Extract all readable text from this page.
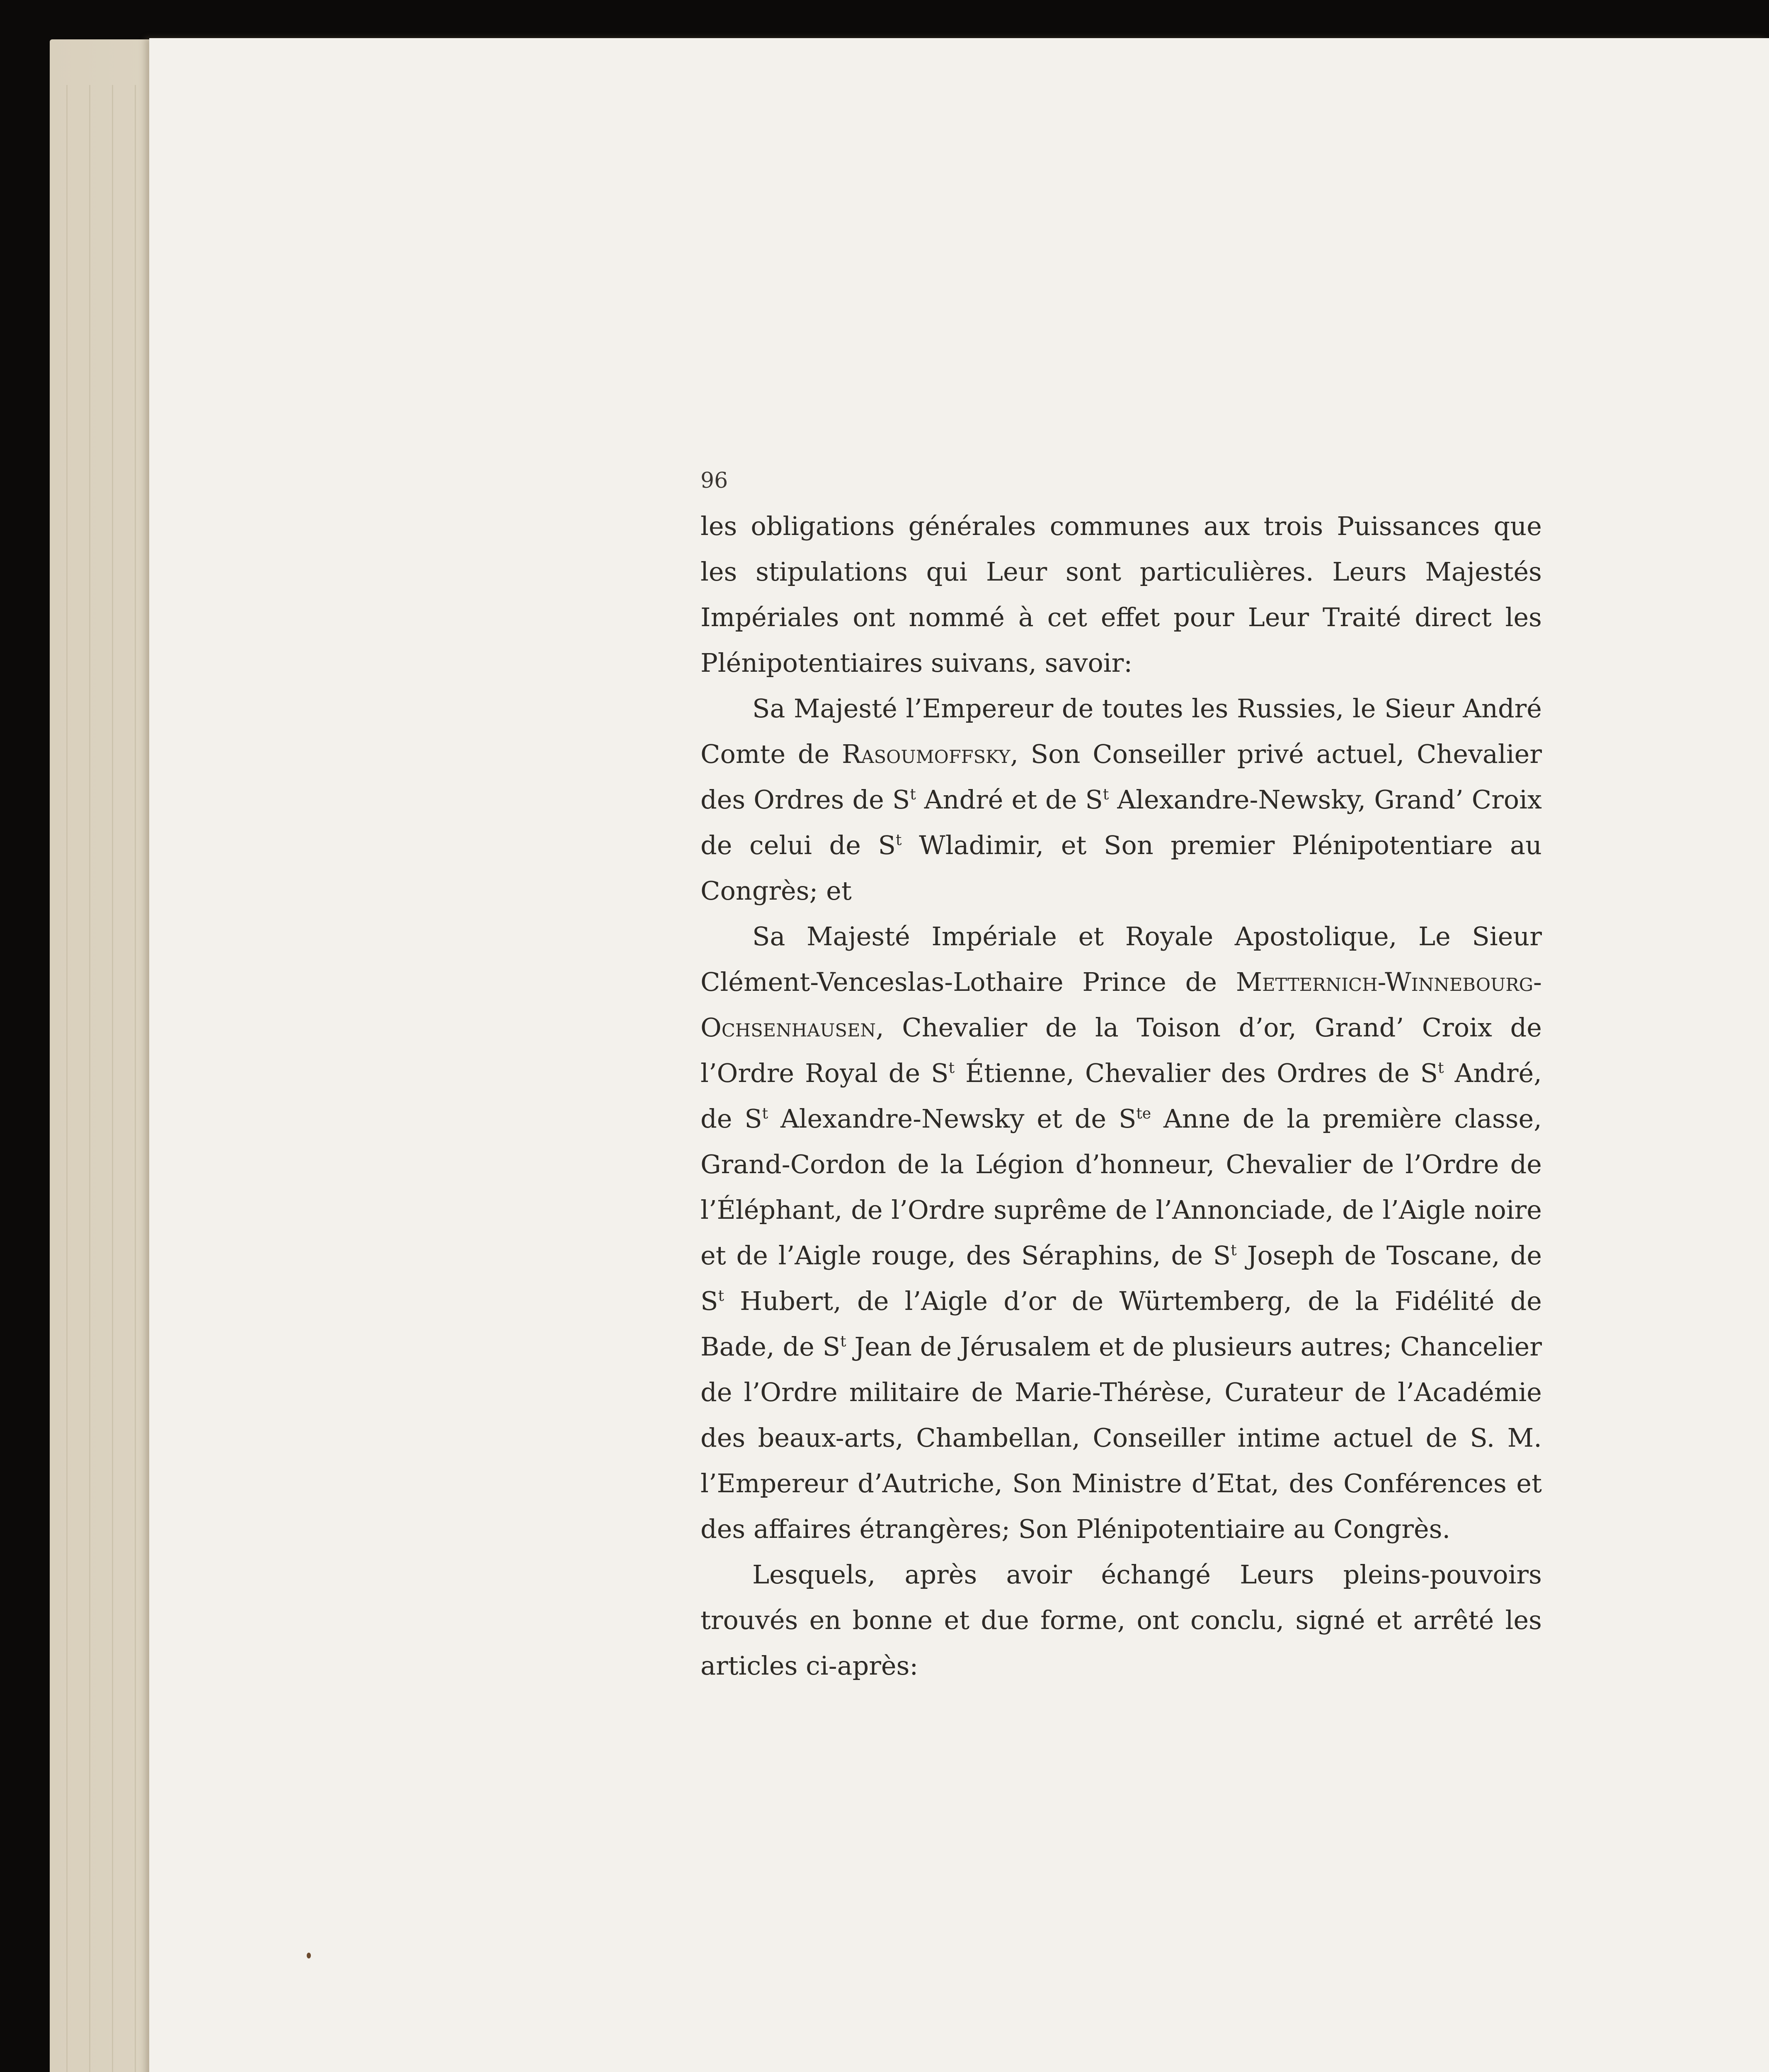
96

les obligations générales communes aux trois Puissances que les stipulations qui Leur sont particulières. Leurs Majestés Impériales ont nommé à cet effet pour Leur Traité direct les Plénipotentiaires suivans, savoir:

Sa Majesté l’Empereur de toutes les Russies, le Sieur André Comte de Rasoumoffsky, Son Conseiller privé actuel, Chevalier des Ordres de $S^t$ André et de $S^t$ Alexandre-Newsky, Grand’ Croix de celui de $S^t$ Wladimir, et Son premier Plénipotentiare au Congrès; et

Sa Majesté Impériale et Royale Apostolique, Le Sieur Clément-Venceslas-Lothaire Prince de Metternich-Winnebourg-Ochsenhausen, Chevalier de la Toison d’or, Grand’ Croix de l’Ordre Royal de $S^t$ Étienne, Chevalier des Ordres de $S^t$ André, de $S^t$ Alexandre-Newsky et de $S^{te}$ Anne de la première classe, Grand-Cordon de la Légion d’honneur, Chevalier de l’Ordre de l’Éléphant, de l’Ordre suprême de l’Annonciade, de l’Aigle noire et de l’Aigle rouge, des Séraphins, de $S^t$ Joseph de Toscane, de $S^t$ Hubert, de l’Aigle d’or de Würtemberg, de la Fidélité de Bade, de $S^t$ Jean de Jérusalem et de plusieurs autres; Chancelier de l’Ordre militaire de Marie-Thérèse, Curateur de l’Académie des beaux-arts, Chambellan, Conseiller intime actuel de S. M. l’Empereur d’Autriche, Son Ministre d’Etat, des Conférences et des affaires étrangères; Son Plénipotentiaire au Congrès.

Lesquels, après avoir échangé Leurs pleins-pouvoirs trouvés en bonne et due forme, ont conclu, signé et arrêté les articles ci-après:
